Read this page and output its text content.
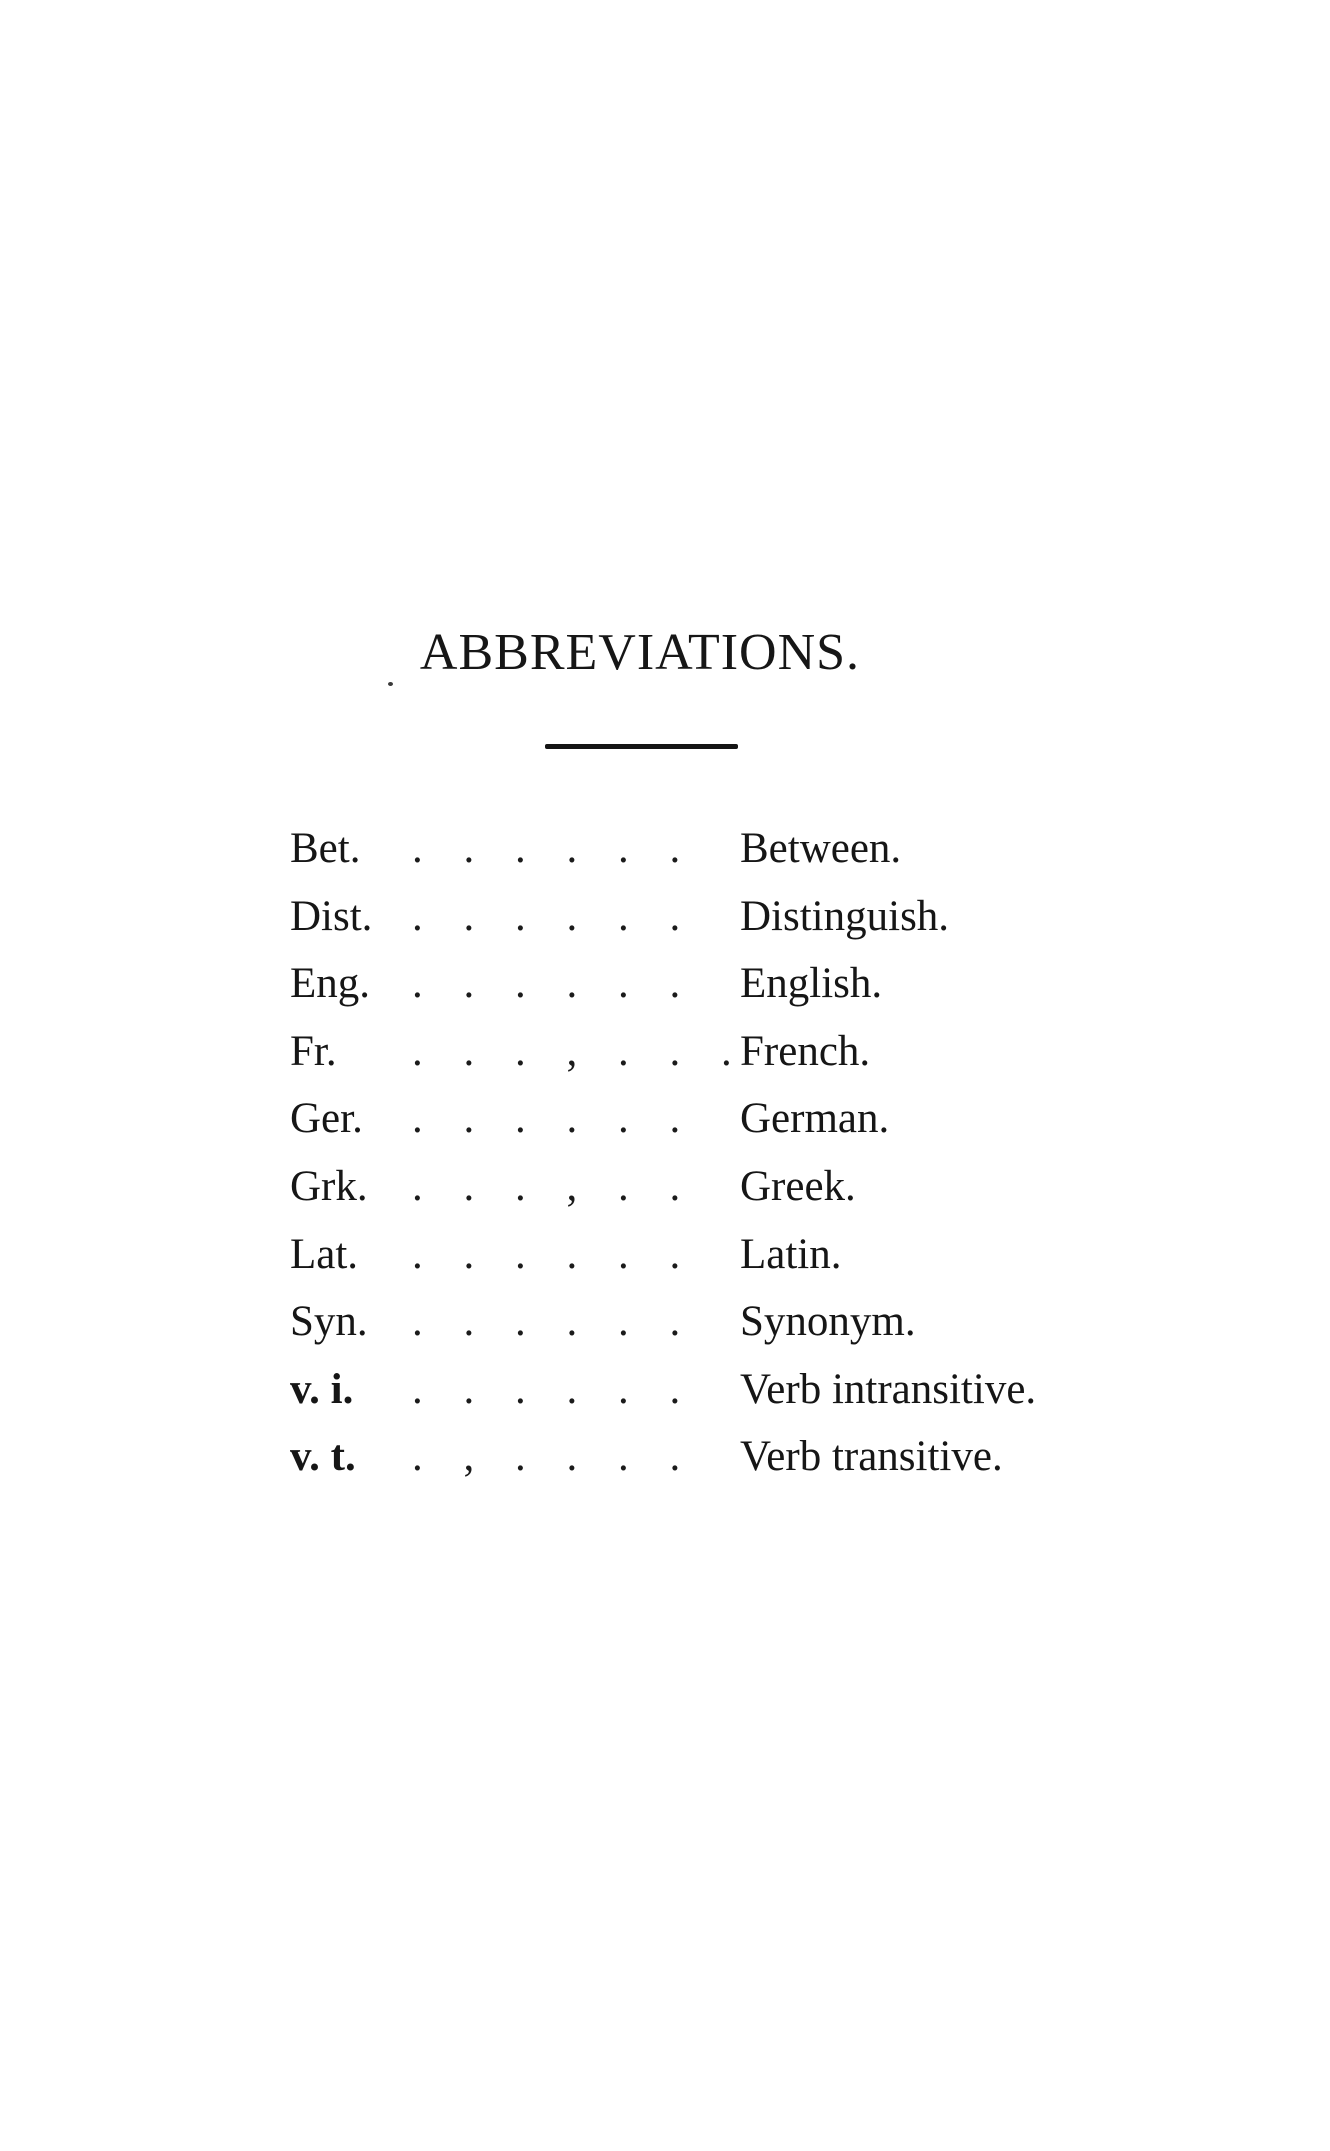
ABBREVIATIONS.
Bet. . . . . . .	Between.
Dist. . . . . . .	Distinguish.
Eng. . . . . . .	English.
Fr. . . . , . . . French.
Ger. . . . . . .	German.
Grk. . . . , . .	Greek.
Lat. . . . . . .	Latin.
Syn. . . . . . .	Synonym.
v. i. . . . . . .	Verb intransitive.
v. t. . , . . . .	Verb transitive.
